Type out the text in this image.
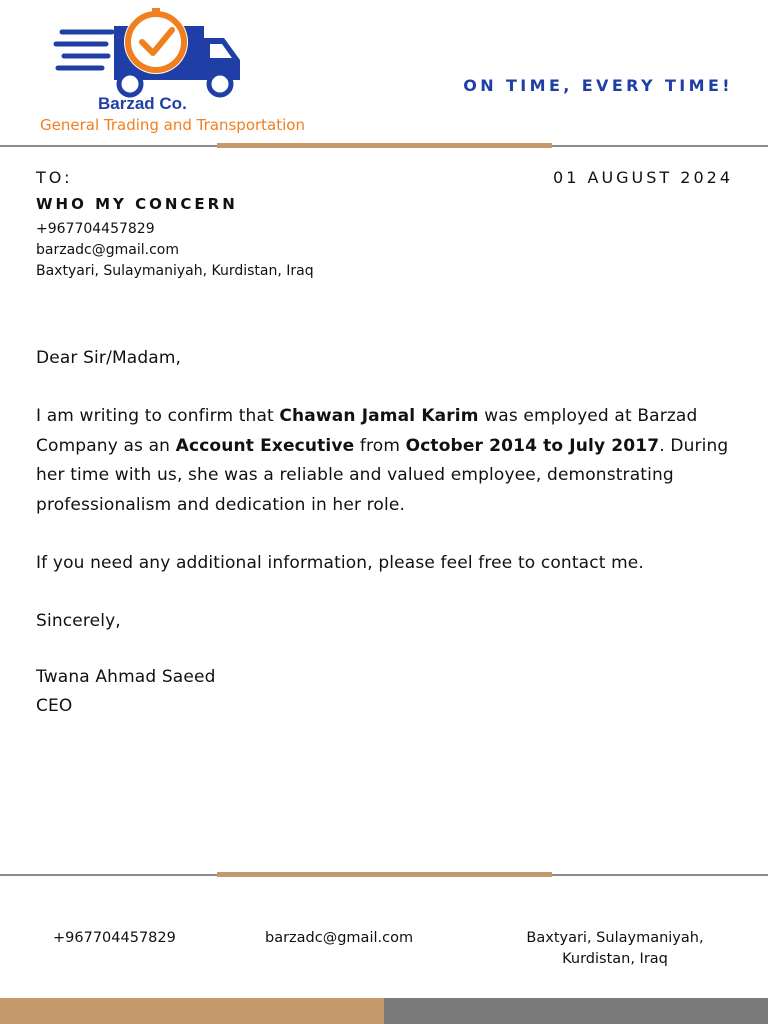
Barzad Co.
General Trading and Transportation
ON TIME, EVERY TIME!
TO:	01 AUGUST 2024
WHO MY CONCERN
+967704457829
barzadc@gmail.com
Baxtyari, Sulaymaniyah, Kurdistan, Iraq
Dear Sir/Madam,
I am writing to confirm that Chawan Jamal Karim was employed at Barzad Company as an Account Executive from October 2014 to July 2017. During her time with us, she was a reliable and valued employee, demonstrating professionalism and dedication in her role.
If you need any additional information, please feel free to contact me.
Sincerely,
Twana Ahmad Saeed
CEO
+967704457829	barzadc@gmail.com	Baxtyari, Sulaymaniyah,
Kurdistan, Iraq
